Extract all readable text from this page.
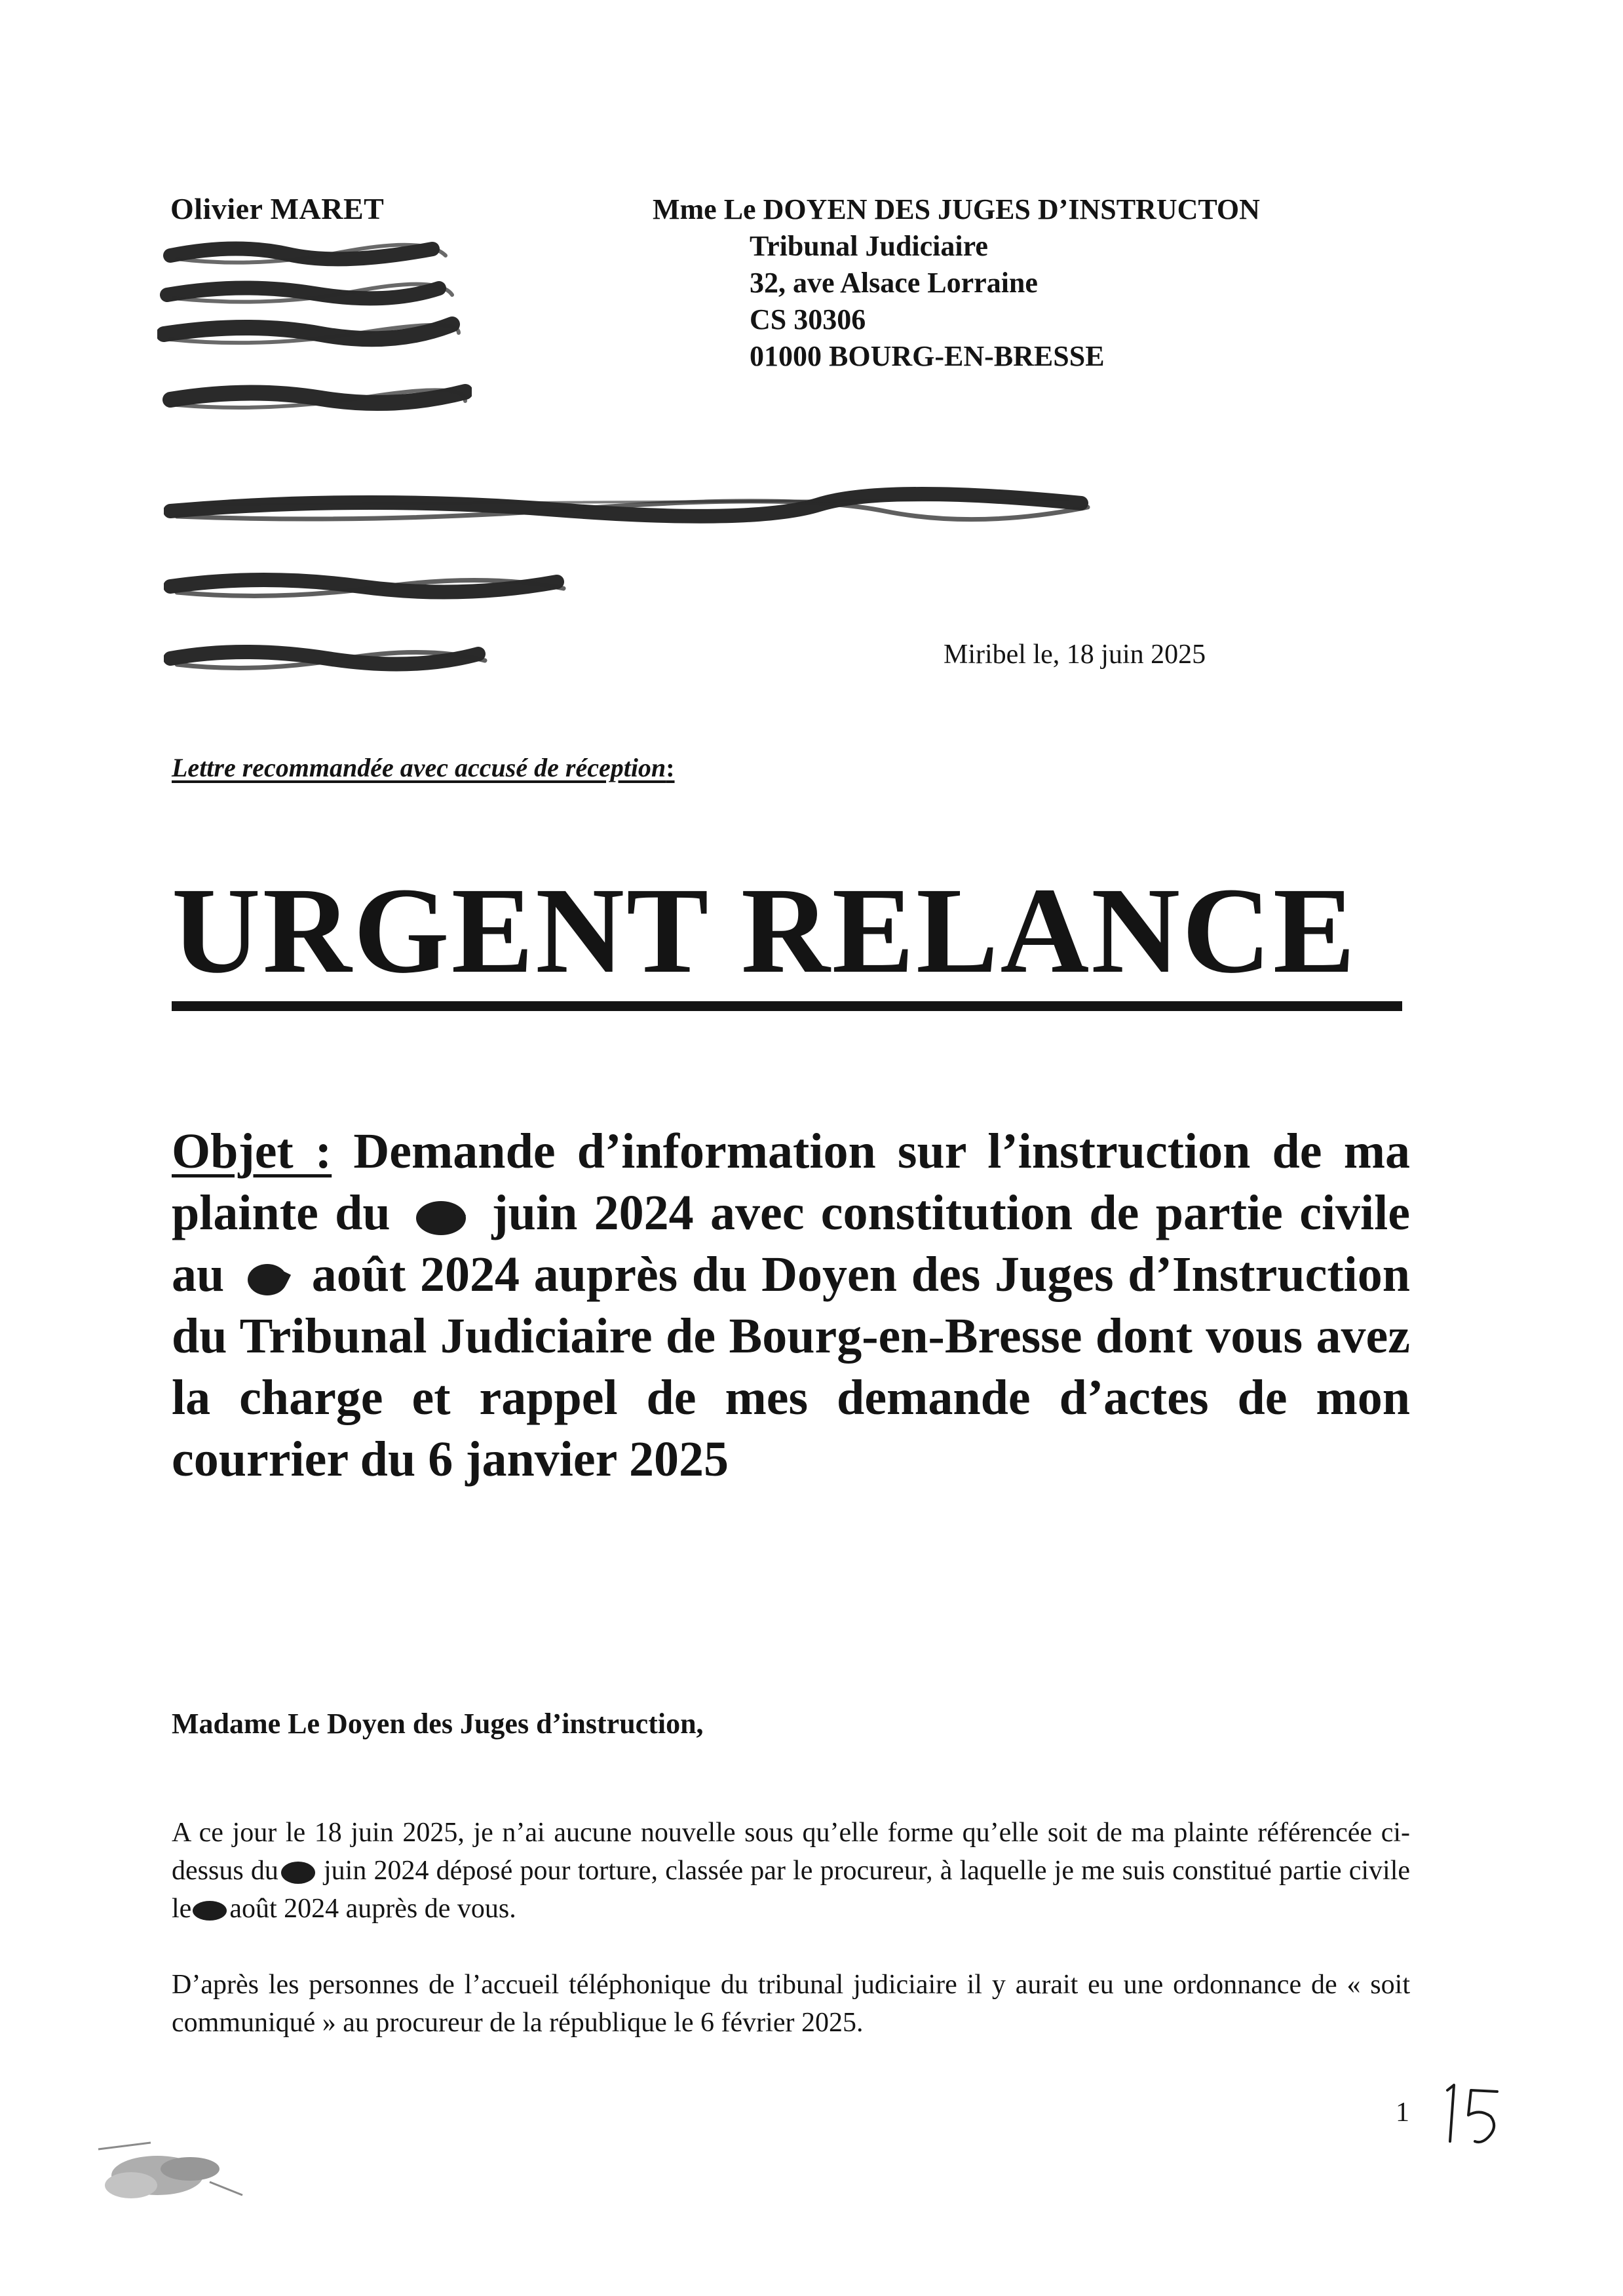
Olivier MARET	Mme Le DOYEN DES JUGES D’INSTRUCTON
Tribunal Judiciaire
32, ave Alsace Lorraine
CS 30306
01000 BOURG-EN-BRESSE
Miribel le, 18 juin 2025
Lettre recommandée avec accusé de réception:
URGENT RELANCE
Objet : Demande d’information sur l’instruction de ma plainte du juin 2024 avec constitution de partie civile au août 2024 auprès du Doyen des Juges d’Instruction du Tribunal Judiciaire de Bourg-en-Bresse dont vous avez la charge et rappel de mes demande d’actes de mon courrier du 6 janvier 2025
Madame Le Doyen des Juges d’instruction,
A ce jour le 18 juin 2025, je n’ai aucune nouvelle sous qu’elle forme qu’elle soit de ma plainte référencée ci-dessus du juin 2024 déposé pour torture, classée par le procureur, à laquelle je me suis constitué partie civile le août 2024 auprès de vous.
D’après les personnes de l’accueil téléphonique du tribunal judiciaire il y aurait eu une ordonnance de « soit communiqué » au procureur de la république le 6 février 2025.
1
